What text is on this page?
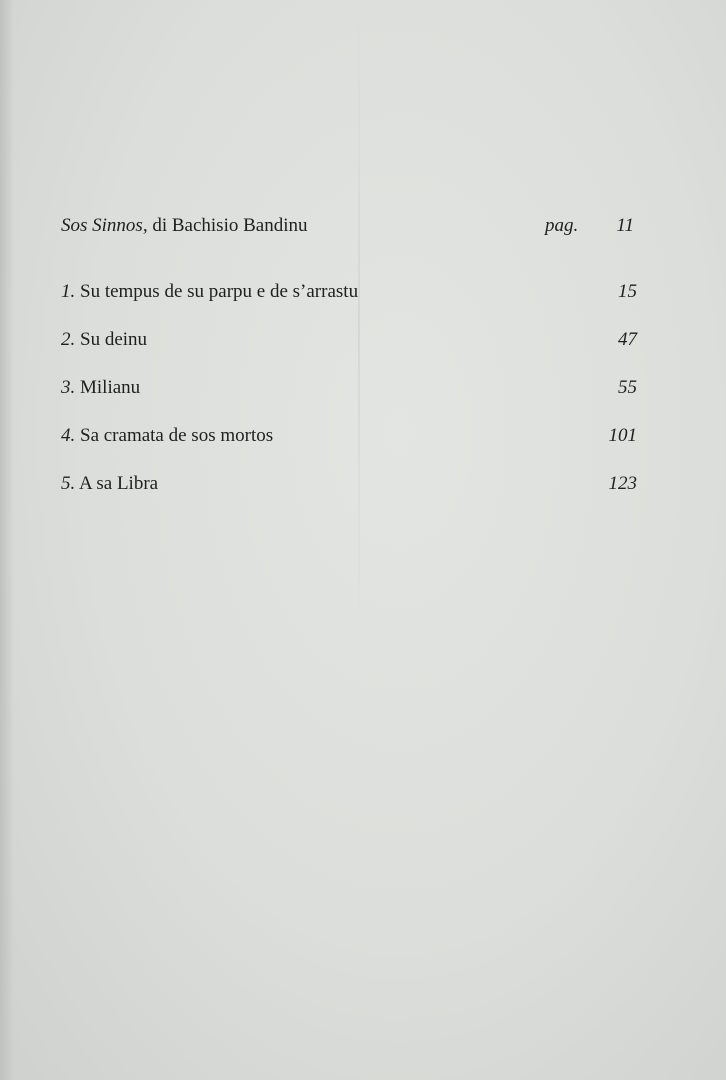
Sos Sinnos, di Bachisio Bandinu	pag. 11
1. Su tempus de su parpu e de s’arrastu	15
2. Su deinu	47
3. Milianu	55
4. Sa cramata de sos mortos	101
5. A sa Libra	123
